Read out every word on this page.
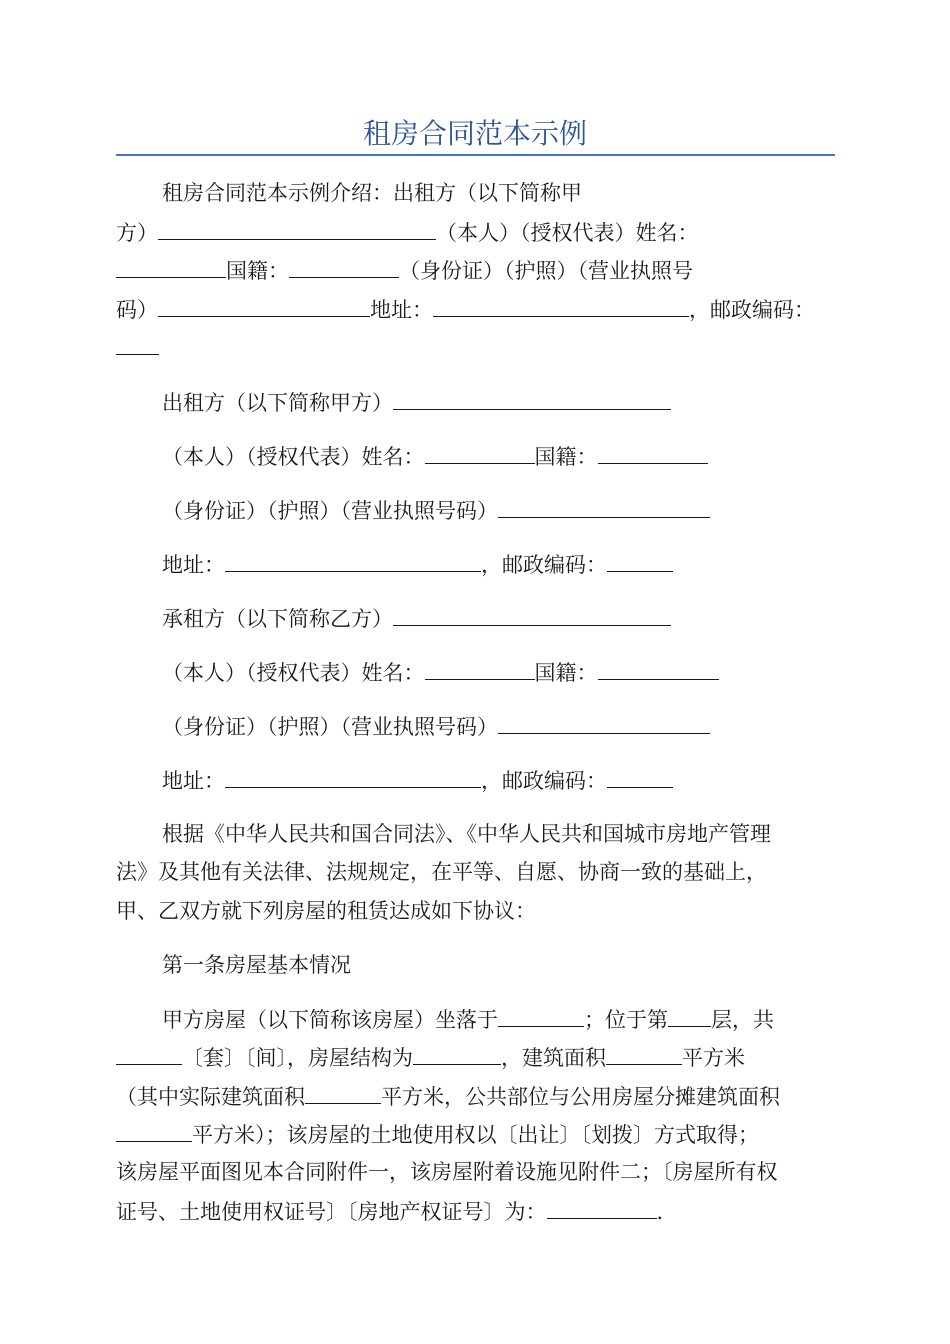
租房合同范本示例
租房合同范本示例介绍：出租方（以下简称甲
方）	（本人）（授权代表）姓名：
国籍：	（身份证）（护照）（营业执照号
码）	地址：	，邮政编码：
出租方（以下简称甲方）
（本人）（授权代表）姓名：	国籍：
（身份证）（护照）（营业执照号码）
地址：	，邮政编码：
承租方（以下简称乙方）
（本人）（授权代表）姓名：	国籍：
（身份证）（护照）（营业执照号码）
地址：	，邮政编码：
根据《中华人民共和国合同法》、《中华人民共和国城市房地产管理
法》及其他有关法律、法规规定，在平等、自愿、协商一致的基础上，
甲、乙双方就下列房屋的租赁达成如下协议：
第一条房屋基本情况
甲方房屋（以下简称该房屋）坐落于	；位于第 层，共
〔套〕〔间〕，房屋结构为	，建筑面积	平方米
（其中实际建筑面积	平方米，公共部位与公用房屋分摊建筑面积
平方米）；该房屋的土地使用权以〔出让〕〔划拨〕方式取得；
该房屋平面图见本合同附件一，该房屋附着设施见附件二；〔房屋所有权
证号、土地使用权证号〕〔房地产权证号〕为：	.
